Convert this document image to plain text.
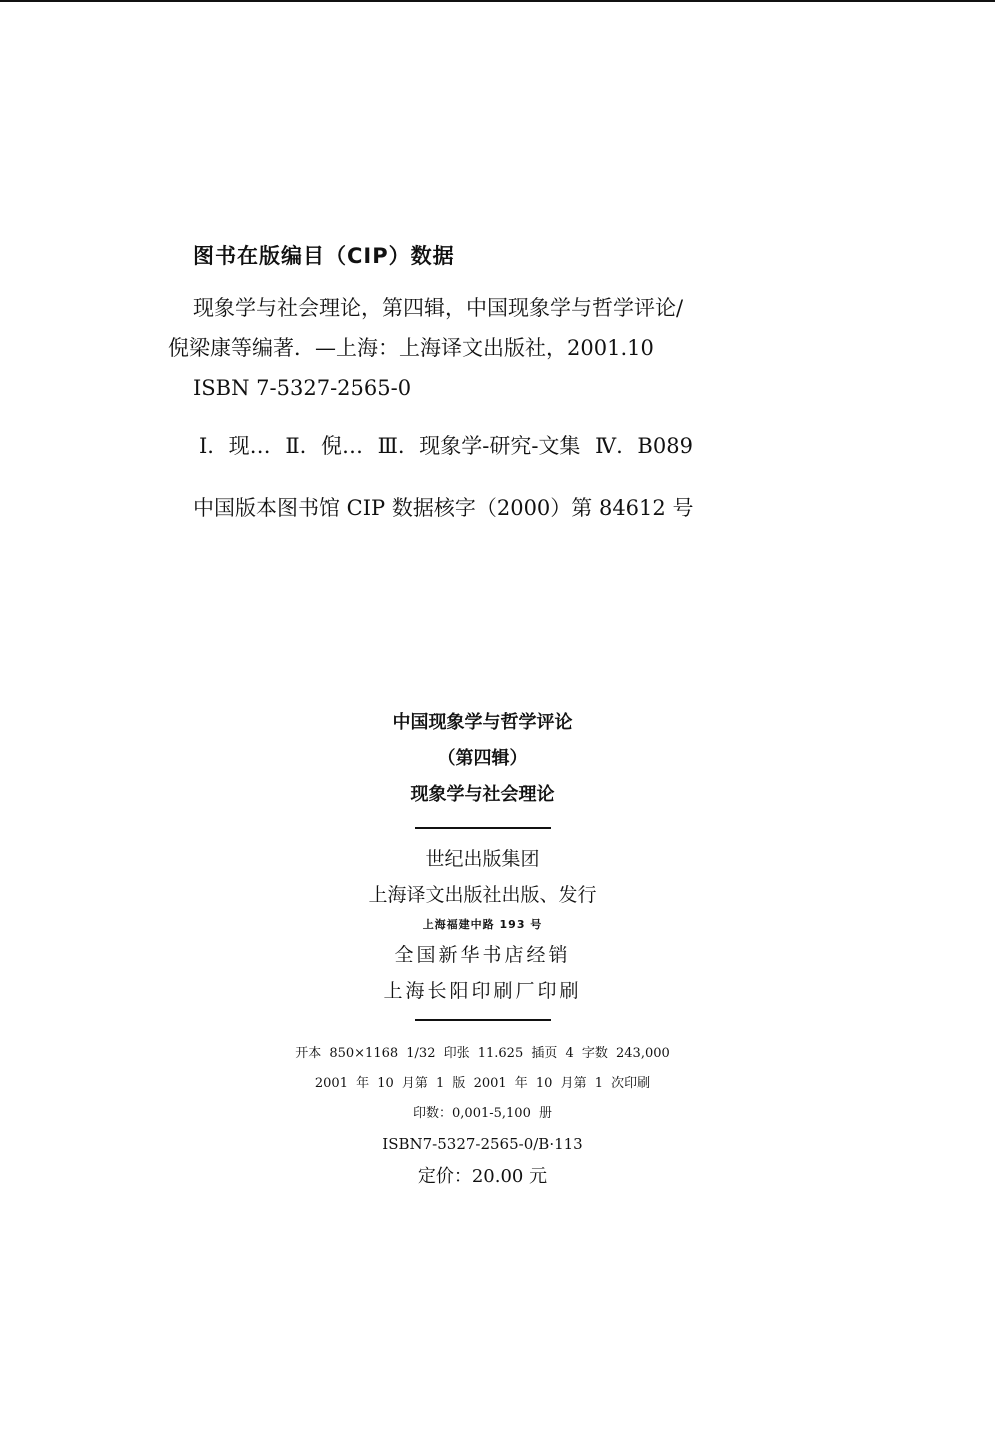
图书在版编目（CIP）数据
现象学与社会理论，第四辑，中国现象学与哲学评论/
倪梁康等编著．—上海：上海译文出版社，2001.10
ISBN 7-5327-2565-0
Ⅰ. 现… Ⅱ. 倪… Ⅲ. 现象学-研究-文集 Ⅳ. B089
中国版本图书馆 CIP 数据核字（2000）第 84612 号
中国现象学与哲学评论
（第四辑）
现象学与社会理论
世纪出版集团
上海译文出版社出版、发行
上海福建中路 193 号
全国新华书店经销
上海长阳印刷厂印刷
开本 850×1168 1/32 印张 11.625 插页 4 字数 243,000
2001 年 10 月第 1 版 2001 年 10 月第 1 次印刷
印数：0,001-5,100 册
ISBN7-5327-2565-0/B·113
定价：20.00 元
